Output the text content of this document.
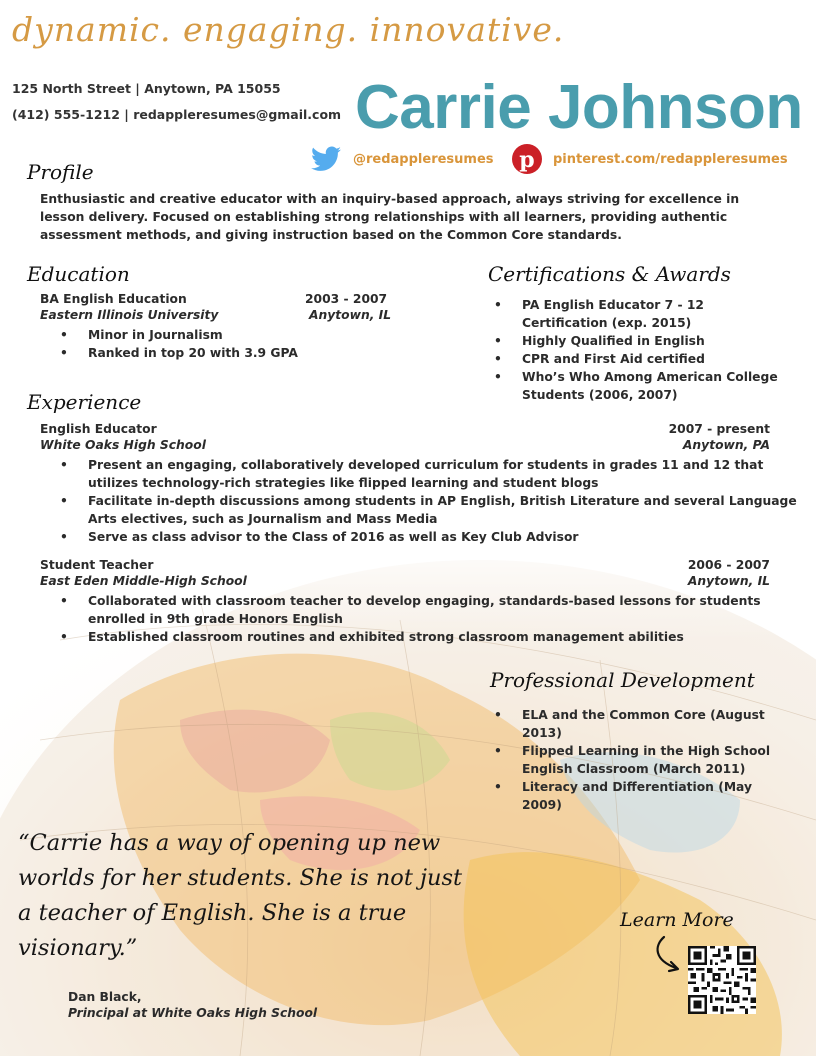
dynamic. engaging. innovative.
125 North Street | Anytown, PA 15055
(412) 555-1212 | redappleresumes@gmail.com Carrie Johnson
@redappleresumes p pinterest.com/redappleresumes
Profile
Enthusiastic and creative educator with an inquiry-based approach, always striving for excellence in lesson delivery. Focused on establishing strong relationships with all learners, providing authentic assessment methods, and giving instruction based on the Common Core standards.
Education
BA English Education	2003 - 2007
Eastern Illinois University	Anytown, IL
• Minor in Journalism
• Ranked in top 20 with 3.9 GPA
Certifications & Awards
• PA English Educator 7 - 12 Certification (exp. 2015)
• Highly Qualified in English
• CPR and First Aid certified
• Who’s Who Among American College Students (2006, 2007)
Experience
English Educator	2007 - present
White Oaks High School	Anytown, PA
• Present an engaging, collaboratively developed curriculum for students in grades 11 and 12 that utilizes technology-rich strategies like flipped learning and student blogs
• Facilitate in-depth discussions among students in AP English, British Literature and several Language Arts electives, such as Journalism and Mass Media
• Serve as class advisor to the Class of 2016 as well as Key Club Advisor
Student Teacher	2006 - 2007
East Eden Middle-High School	Anytown, IL
• Collaborated with classroom teacher to develop engaging, standards-based lessons for students enrolled in 9th grade Honors English
• Established classroom routines and exhibited strong classroom management abilities
Professional Development
• ELA and the Common Core (August 2013)
• Flipped Learning in the High School English Classroom (March 2011)
• Literacy and Differentiation (May 2009)
“Carrie has a way of opening up new worlds for her students. She is not just a teacher of English. She is a true visionary.”
Dan Black,
Principal at White Oaks High School
Learn More
